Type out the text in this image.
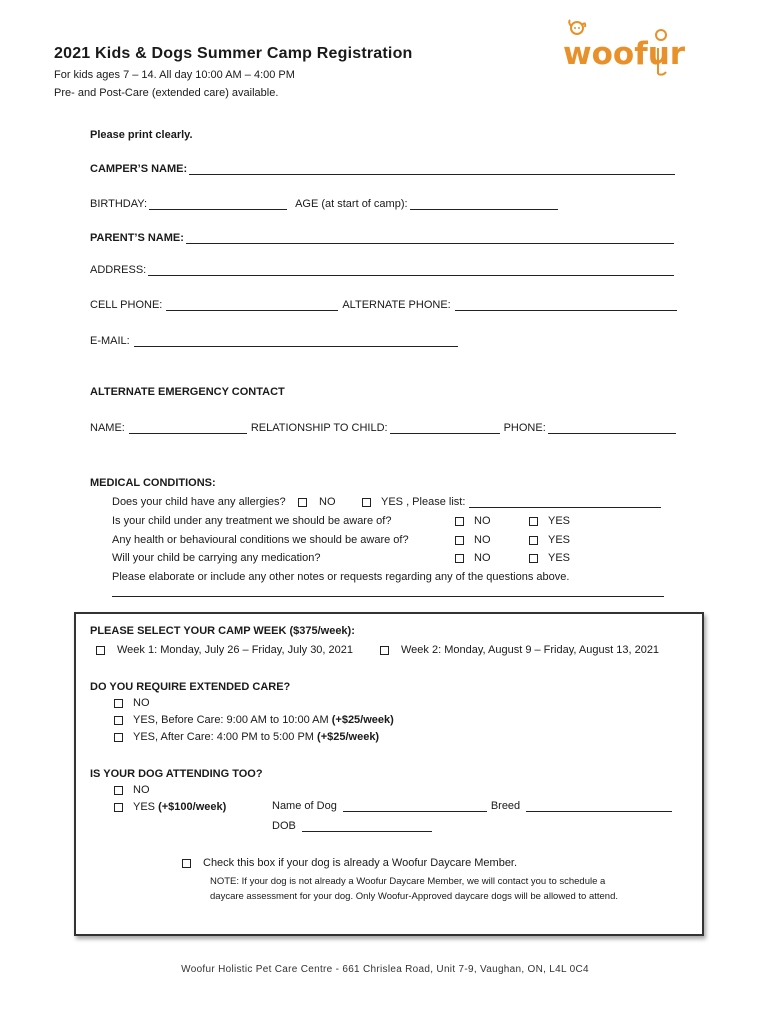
2021 Kids & Dogs Summer Camp Registration
For kids ages 7 – 14. All day 10:00 AM – 4:00 PM
Pre- and Post-Care (extended care) available.
woofur
Please print clearly.
CAMPER’S NAME:
BIRTHDAY:	AGE (at start of camp):
PARENT’S NAME:
ADDRESS:
CELL PHONE:	ALTERNATE PHONE:
E-MAIL:
ALTERNATE EMERGENCY CONTACT
NAME:	RELATIONSHIP TO CHILD:	PHONE:
MEDICAL CONDITIONS:
Does your child have any allergies?	NO	YES , Please list:
Is your child under any treatment we should be aware of?	NO	YES
Any health or behavioural conditions we should be aware of?	NO	YES
Will your child be carrying any medication?	NO	YES
Please elaborate or include any other notes or requests regarding any of the questions above.
PLEASE SELECT YOUR CAMP WEEK ($375/week):
Week 1: Monday, July 26 – Friday, July 30, 2021	Week 2: Monday, August 9 – Friday, August 13, 2021
DO YOU REQUIRE EXTENDED CARE?
NO
YES, Before Care: 9:00 AM to 10:00 AM (+$25/week)
YES, After Care: 4:00 PM to 5:00 PM (+$25/week)
IS YOUR DOG ATTENDING TOO?
NO
YES (+$100/week)	Name of Dog	Breed
DOB
Check this box if your dog is already a Woofur Daycare Member.
NOTE: If your dog is not already a Woofur Daycare Member, we will contact you to schedule a
daycare assessment for your dog. Only Woofur-Approved daycare dogs will be allowed to attend.
Woofur Holistic Pet Care Centre - 661 Chrislea Road, Unit 7-9, Vaughan, ON, L4L 0C4
